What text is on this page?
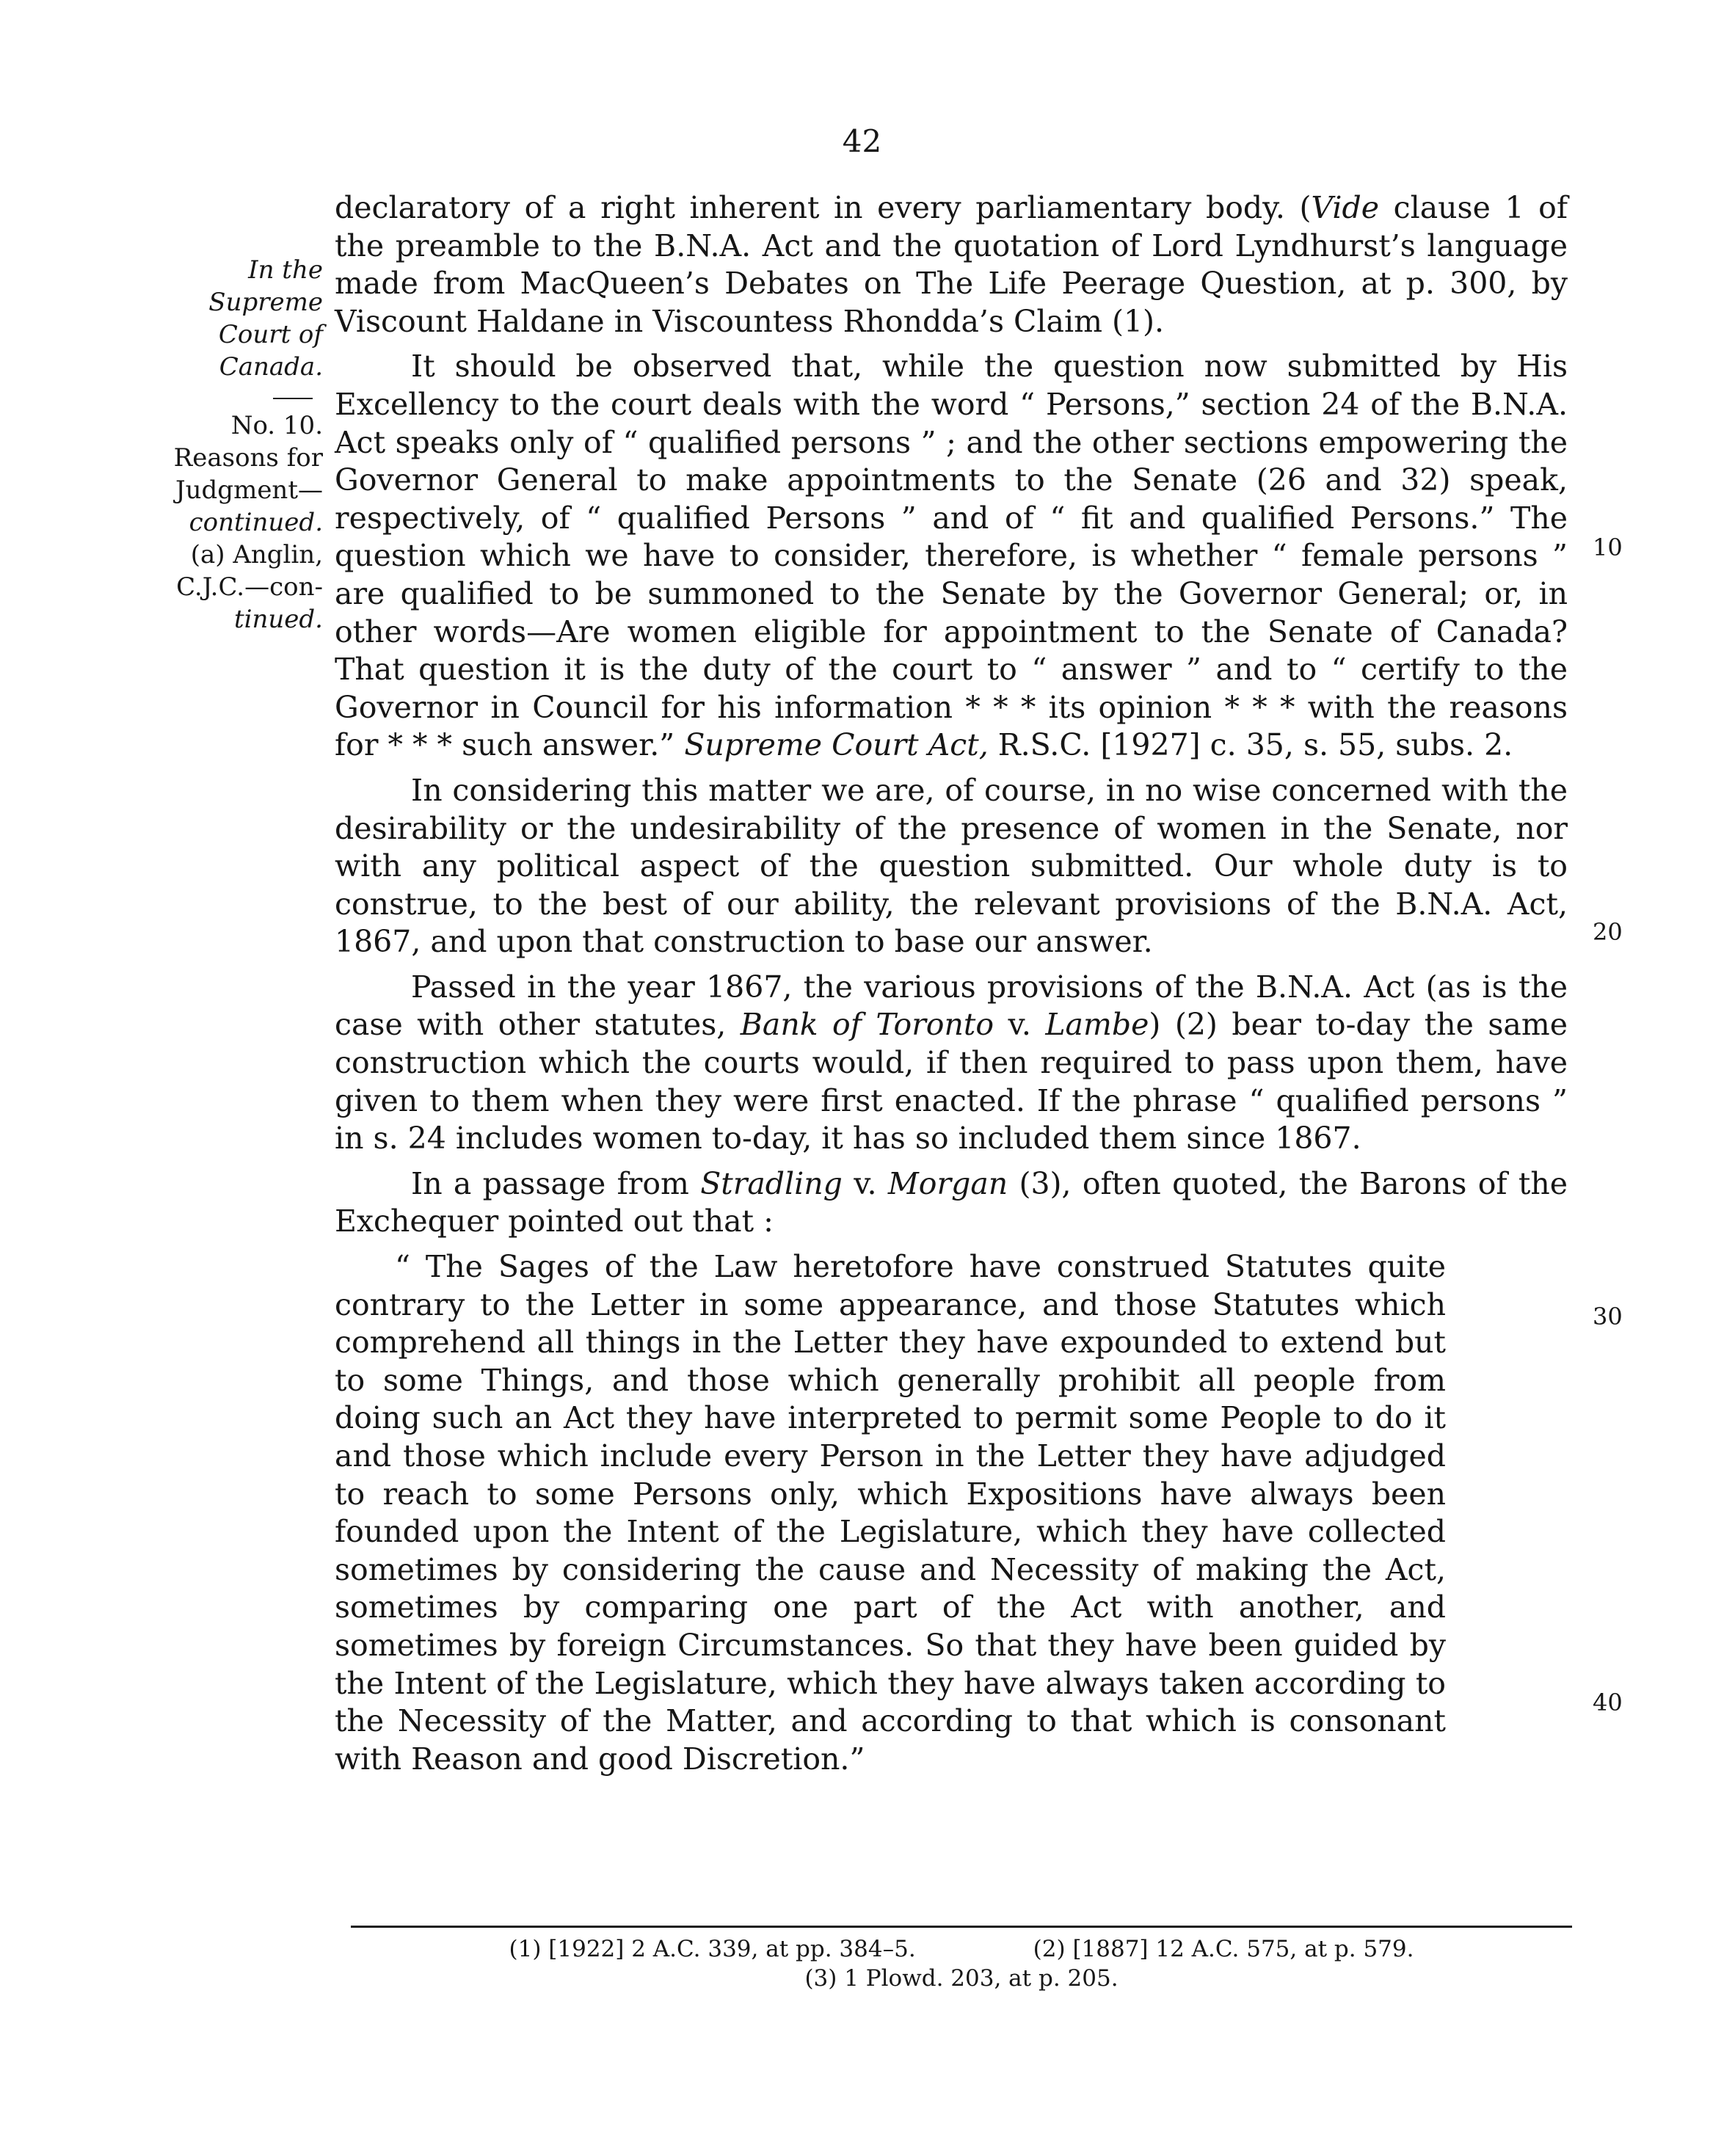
42
In the
Supreme
Court of
Canada.
No. 10.
Reasons for
Judgment—
continued.
(a) Anglin,
C.J.C.—con-
tinued.

declaratory of a right inherent in every parliamentary body. (Vide clause 1 of the preamble to the B.N.A. Act and the quotation of Lord Lyndhurst’s language made from MacQueen’s Debates on The Life Peerage Question, at p. 300, by Viscount Haldane in Viscountess Rhondda’s Claim (1).

It should be observed that, while the question now submitted by His Excellency to the court deals with the word “ Persons,” section 24 of the B.N.A. Act speaks only of “ qualified persons ” ; and the other sections empowering the Governor General to make appointments to the Senate (26 and 32) speak, respectively, of “ qualified Persons ” and of “ fit and qualified Persons.” The question which we have to consider, therefore, is whether “ female persons ” are qualified to be summoned to the Senate by the Governor General; or, in other words—Are women eligible for appointment to the Senate of Canada? That question it is the duty of the court to “ answer ” and to “ certify to the Governor in Council for his information * * * its opinion * * * with the reasons for * * * such answer.” Supreme Court Act, R.S.C. [1927] c. 35, s. 55, subs. 2.

In considering this matter we are, of course, in no wise concerned with the desirability or the undesirability of the presence of women in the Senate, nor with any political aspect of the question submitted. Our whole duty is to construe, to the best of our ability, the relevant provisions of the B.N.A. Act, 1867, and upon that construction to base our answer.

Passed in the year 1867, the various provisions of the B.N.A. Act (as is the case with other statutes, Bank of Toronto v. Lambe) (2) bear to-day the same construction which the courts would, if then required to pass upon them, have given to them when they were first enacted. If the phrase “ qualified persons ” in s. 24 includes women to-day, it has so included them since 1867.

In a passage from Stradling v. Morgan (3), often quoted, the Barons of the Exchequer pointed out that :

“ The Sages of the Law heretofore have construed Statutes quite contrary to the Letter in some appearance, and those Statutes which comprehend all things in the Letter they have expounded to extend but to some Things, and those which generally prohibit all people from doing such an Act they have interpreted to permit some People to do it and those which include every Person in the Letter they have adjudged to reach to some Persons only, which Expositions have always been founded upon the Intent of the Legislature, which they have collected sometimes by considering the cause and Necessity of making the Act, sometimes by comparing one part of the Act with another, and sometimes by foreign Circumstances. So that they have been guided by the Intent of the Legislature, which they have always taken according to the Necessity of the Matter, and according to that which is consonant with Reason and good Discretion.”

10
20
30
40
(1) [1922] 2 A.C. 339, at pp. 384–5.	(2) [1887] 12 A.C. 575, at p. 579.
(3) 1 Plowd. 203, at p. 205.
